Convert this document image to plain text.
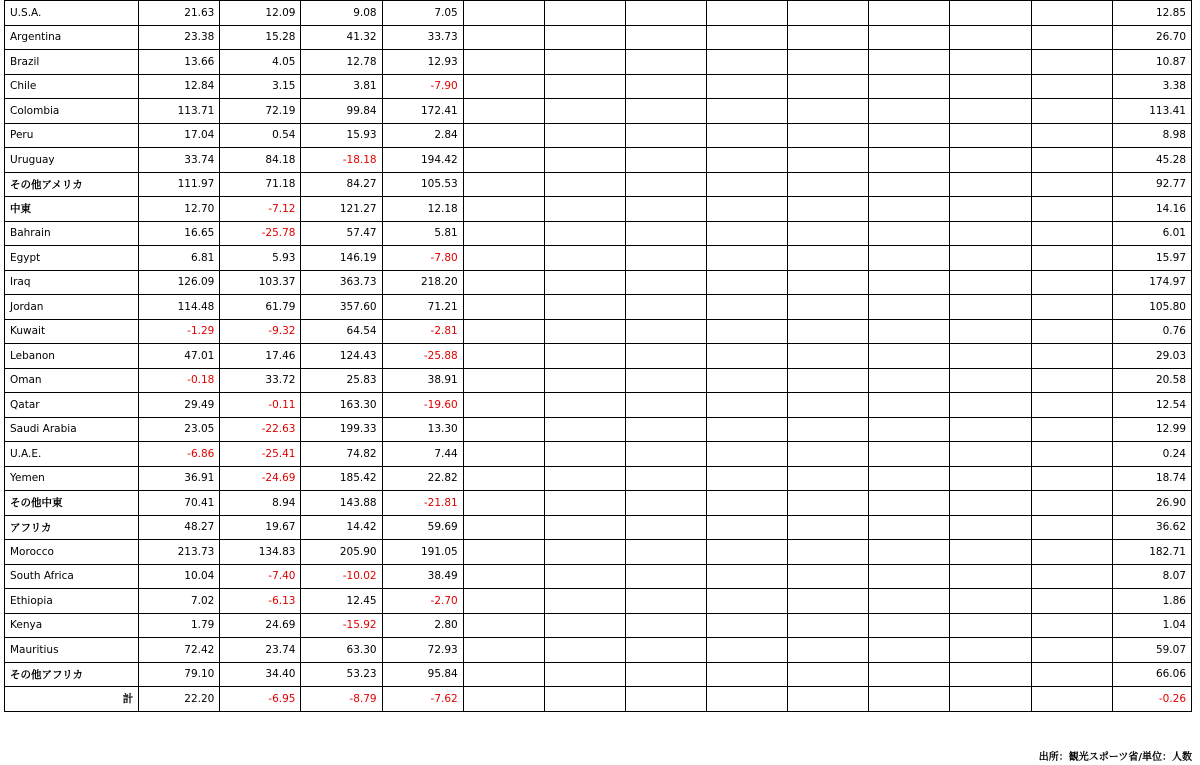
U.S.A.	21.63	12.09	9.08	7.05									12.85
Argentina	23.38	15.28	41.32	33.73									26.70
Brazil	13.66	4.05	12.78	12.93									10.87
Chile	12.84	3.15	3.81	-7.90									3.38
Colombia	113.71	72.19	99.84	172.41									113.41
Peru	17.04	0.54	15.93	2.84									8.98
Uruguay	33.74	84.18	-18.18	194.42									45.28
その他アメリカ	111.97	71.18	84.27	105.53									92.77
中東	12.70	-7.12	121.27	12.18									14.16
Bahrain	16.65	-25.78	57.47	5.81									6.01
Egypt	6.81	5.93	146.19	-7.80									15.97
Iraq	126.09	103.37	363.73	218.20									174.97
Jordan	114.48	61.79	357.60	71.21									105.80
Kuwait	-1.29	-9.32	64.54	-2.81									0.76
Lebanon	47.01	17.46	124.43	-25.88									29.03
Oman	-0.18	33.72	25.83	38.91									20.58
Qatar	29.49	-0.11	163.30	-19.60									12.54
Saudi Arabia	23.05	-22.63	199.33	13.30									12.99
U.A.E.	-6.86	-25.41	74.82	7.44									0.24
Yemen	36.91	-24.69	185.42	22.82									18.74
その他中東	70.41	8.94	143.88	-21.81									26.90
アフリカ	48.27	19.67	14.42	59.69									36.62
Morocco	213.73	134.83	205.90	191.05									182.71
South Africa	10.04	-7.40	-10.02	38.49									8.07
Ethiopia	7.02	-6.13	12.45	-2.70									1.86
Kenya	1.79	24.69	-15.92	2.80									1.04
Mauritius	72.42	23.74	63.30	72.93									59.07
その他アフリカ	79.10	34.40	53.23	95.84									66.06
計	22.20	-6.95	-8.79	-7.62									-0.26
出所：観光スポーツ省/単位：人数
